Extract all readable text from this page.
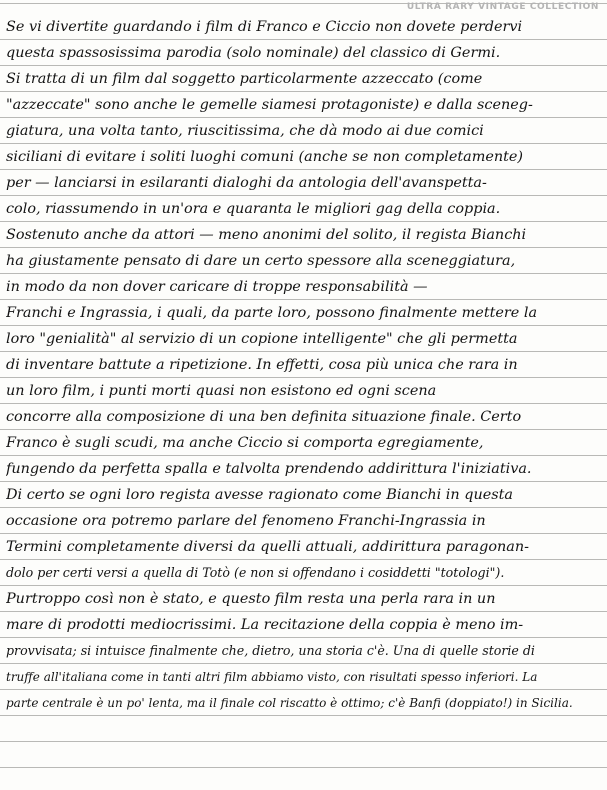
ULTRA RARY VINTAGE COLLECTION
Se vi divertite guardando i film di Franco e Ciccio non dovete perdervi
questa spassosissima parodia (solo nominale) del classico di Germi.
Si tratta di un film dal soggetto particolarmente azzeccato (come
"azzeccate" sono anche le gemelle siamesi protagoniste) e dalla sceneg-
giatura, una volta tanto, riuscitissima, che dà modo ai due comici
siciliani di evitare i soliti luoghi comuni (anche se non completamente)
per — lanciarsi in esilaranti dialoghi da antologia dell'avanspetta-
colo, riassumendo in un'ora e quaranta le migliori gag della coppia.
Sostenuto anche da attori — meno anonimi del solito, il regista Bianchi
ha giustamente pensato di dare un certo spessore alla sceneggiatura,
in modo da non dover caricare di troppe responsabilità —
Franchi e Ingrassia, i quali, da parte loro, possono finalmente mettere la
loro "genialità" al servizio di un copione intelligente" che gli permetta
di inventare battute a ripetizione. In effetti, cosa più unica che rara in
un loro film, i punti morti quasi non esistono ed ogni scena
concorre alla composizione di una ben definita situazione finale. Certo
Franco è sugli scudi, ma anche Ciccio si comporta egregiamente,
fungendo da perfetta spalla e talvolta prendendo addirittura l'iniziativa.
Di certo se ogni loro regista avesse ragionato come Bianchi in questa
occasione ora potremo parlare del fenomeno Franchi-Ingrassia in
Termini completamente diversi da quelli attuali, addirittura paragonan-
dolo per certi versi a quella di Totò (e non si offendano i cosiddetti "totologi").
Purtroppo così non è stato, e questo film resta una perla rara in un
mare di prodotti mediocrissimi. La recitazione della coppia è meno im-
provvisata; si intuisce finalmente che, dietro, una storia c'è. Una di quelle storie di
truffe all'italiana come in tanti altri film abbiamo visto, con risultati spesso inferiori. La
parte centrale è un po' lenta, ma il finale col riscatto è ottimo; c'è Banfi (doppiato!) in Sicilia.
